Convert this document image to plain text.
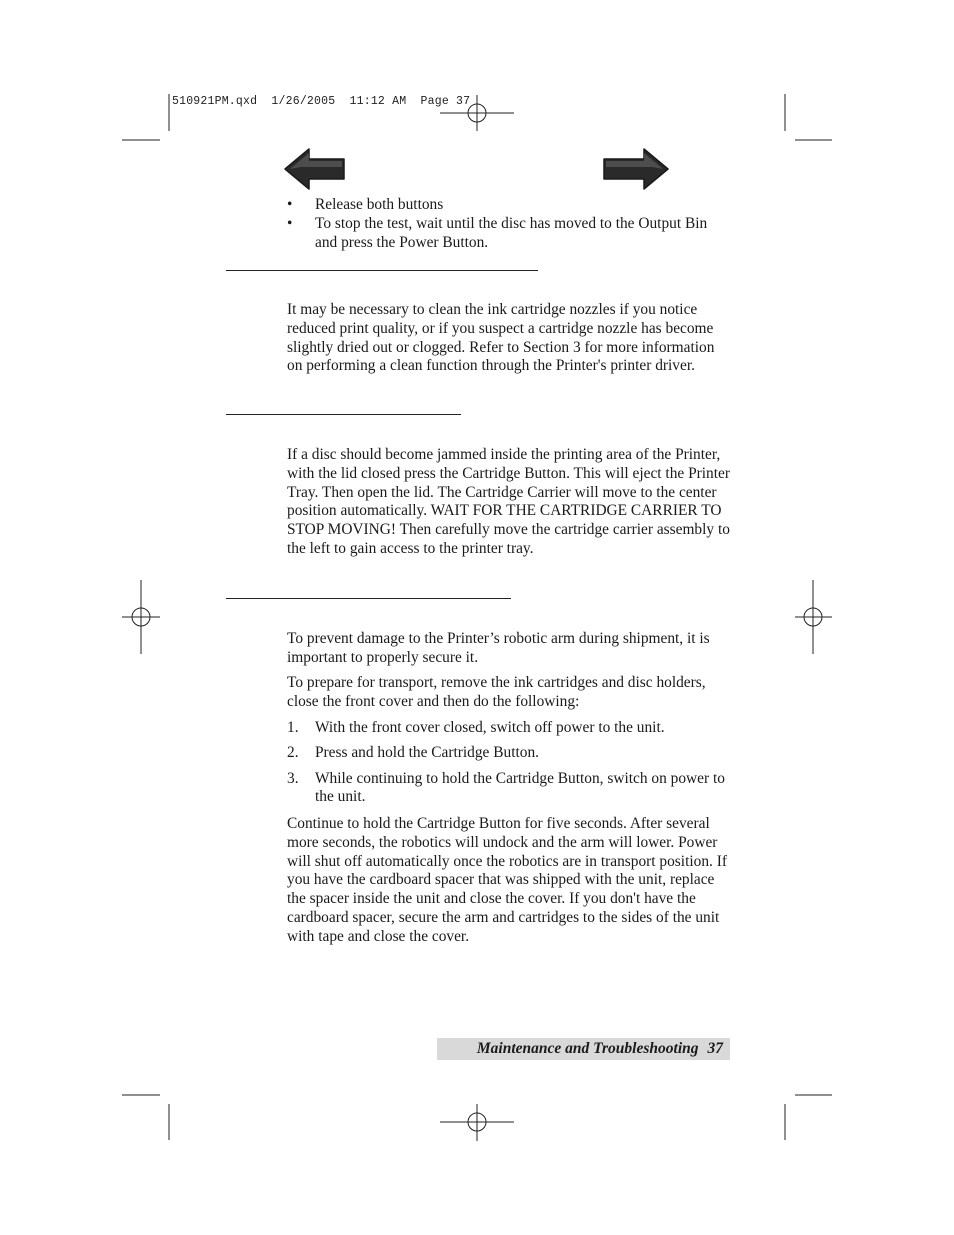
510921PM.qxd  1/26/2005  11:12 AM  Page 37
• Release both buttons
• To stop the test, wait until the disc has moved to the Output Bin and press the Power Button.

It may be necessary to clean the ink cartridge nozzles if you notice reduced print quality, or if you suspect a cartridge nozzle has become slightly dried out or clogged. Refer to Section 3 for more information on performing a clean function through the Printer's printer driver.

If a disc should become jammed inside the printing area of the Printer, with the lid closed press the Cartridge Button. This will eject the Printer Tray. Then open the lid. The Cartridge Carrier will move to the center position automatically. WAIT FOR THE CARTRIDGE CARRIER TO STOP MOVING! Then carefully move the cartridge carrier assembly to the left to gain access to the printer tray.

To prevent damage to the Printer’s robotic arm during shipment, it is important to properly secure it.

To prepare for transport, remove the ink cartridges and disc holders, close the front cover and then do the following:

1. With the front cover closed, switch off power to the unit.
2. Press and hold the Cartridge Button.
3. While continuing to hold the Cartridge Button, switch on power to the unit.

Continue to hold the Cartridge Button for five seconds. After several more seconds, the robotics will undock and the arm will lower. Power will shut off automatically once the robotics are in transport position. If you have the cardboard spacer that was shipped with the unit, replace the spacer inside the unit and close the cover. If you don't have the cardboard spacer, secure the arm and cartridges to the sides of the unit with tape and close the cover.

Maintenance and Troubleshooting 37
